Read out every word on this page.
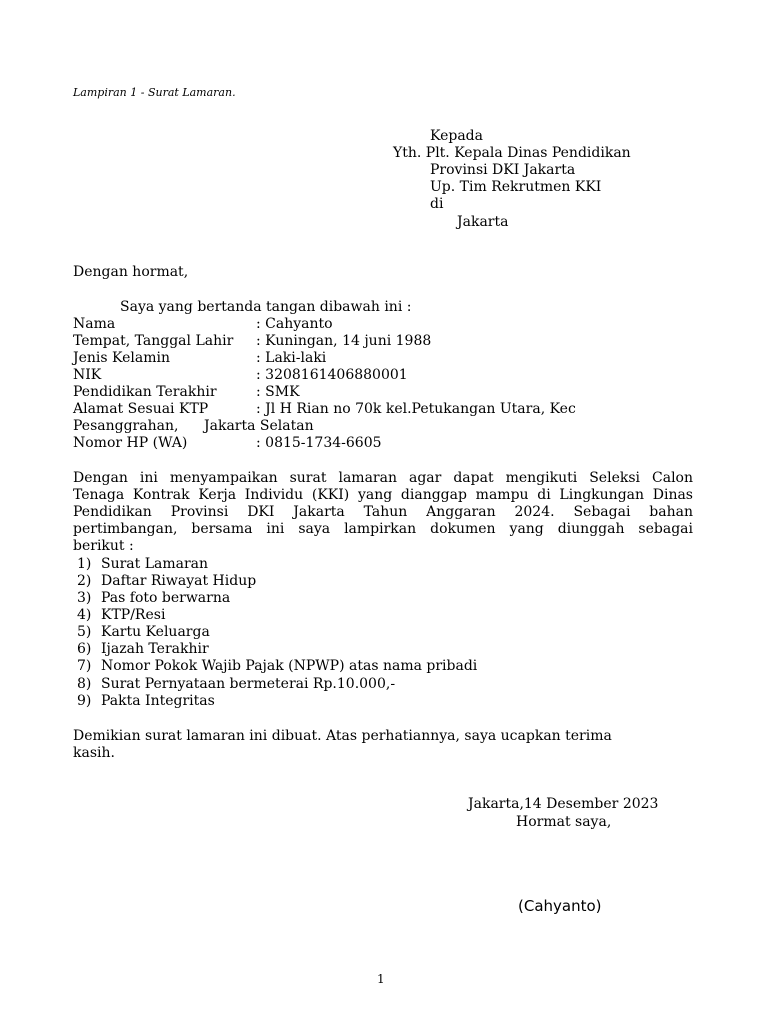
Lampiran 1 - Surat Lamaran.
Kepada
Yth. Plt. Kepala Dinas Pendidikan
Provinsi DKI Jakarta
Up. Tim Rekrutmen KKI
di
Jakarta
Dengan hormat,
Saya yang bertanda tangan dibawah ini :
Nama	: Cahyanto
Tempat, Tanggal Lahir : Kuningan, 14 juni 1988
Jenis Kelamin	: Laki-laki
NIK	: 3208161406880001
Pendidikan Terakhir	: SMK
Alamat Sesuai KTP	: Jl H Rian no 70k kel.Petukangan Utara, Kec
Pesanggrahan, Jakarta Selatan
Nomor HP (WA)	: 0815-1734-6605
Dengan ini menyampaikan surat lamaran agar dapat mengikuti Seleksi Calon
Tenaga Kontrak Kerja Individu (KKI) yang dianggap mampu di Lingkungan Dinas
Pendidikan Provinsi DKI Jakarta Tahun Anggaran 2024. Sebagai bahan
pertimbangan, bersama ini saya lampirkan dokumen yang diunggah sebagai
berikut :
1) Surat Lamaran
2) Daftar Riwayat Hidup
3) Pas foto berwarna
4) KTP/Resi
5) Kartu Keluarga
6) Ijazah Terakhir
7) Nomor Pokok Wajib Pajak (NPWP) atas nama pribadi
8) Surat Pernyataan bermeterai Rp.10.000,-
9) Pakta Integritas
Demikian surat lamaran ini dibuat. Atas perhatiannya, saya ucapkan terima
kasih.
Jakarta,14 Desember 2023
Hormat saya,
(Cahyanto)
1
